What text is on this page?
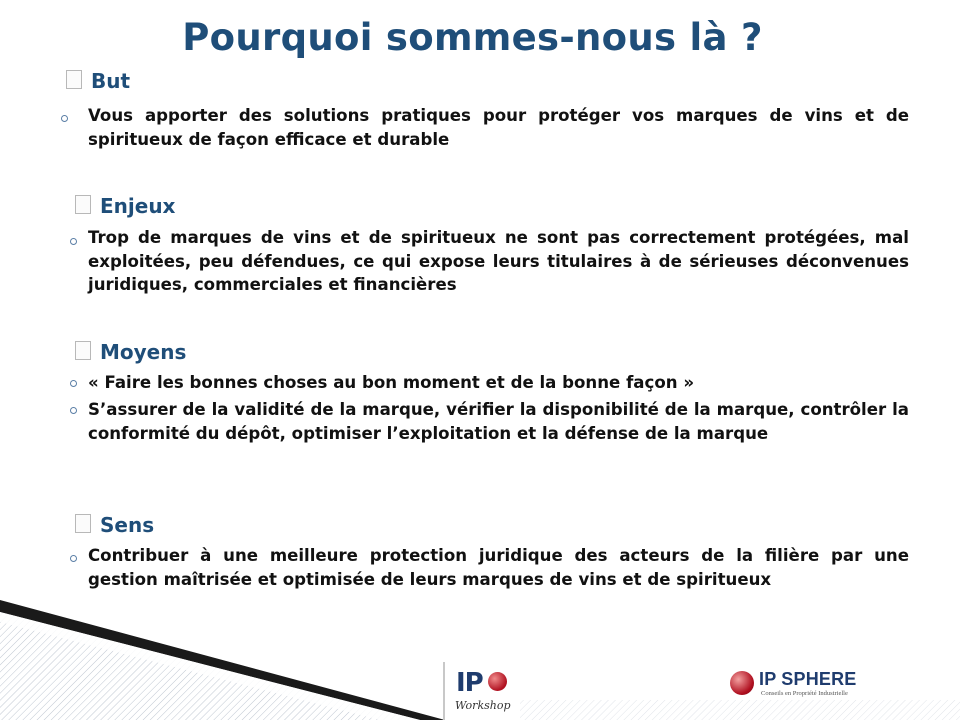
Pourquoi sommes-nous là ?
But
Vous apporter des solutions pratiques pour protéger vos marques de vins et de spiritueux de façon efficace et durable
Enjeux
Trop de marques de vins et de spiritueux ne sont pas correctement protégées, mal exploitées, peu défendues, ce qui expose leurs titulaires à de sérieuses déconvenues juridiques, commerciales et financières
Moyens
« Faire les bonnes choses au bon moment et de la bonne façon »
S’assurer de la validité de la marque, vérifier la disponibilité de la marque, contrôler la conformité du dépôt, optimiser l’exploitation et la défense de la marque
Sens
Contribuer à une meilleure protection juridique des acteurs de la filière par une gestion maîtrisée et optimisée de leurs marques de vins et de spiritueux
IP
Workshop
IP SPHERE
Conseils en Propriété Industrielle
